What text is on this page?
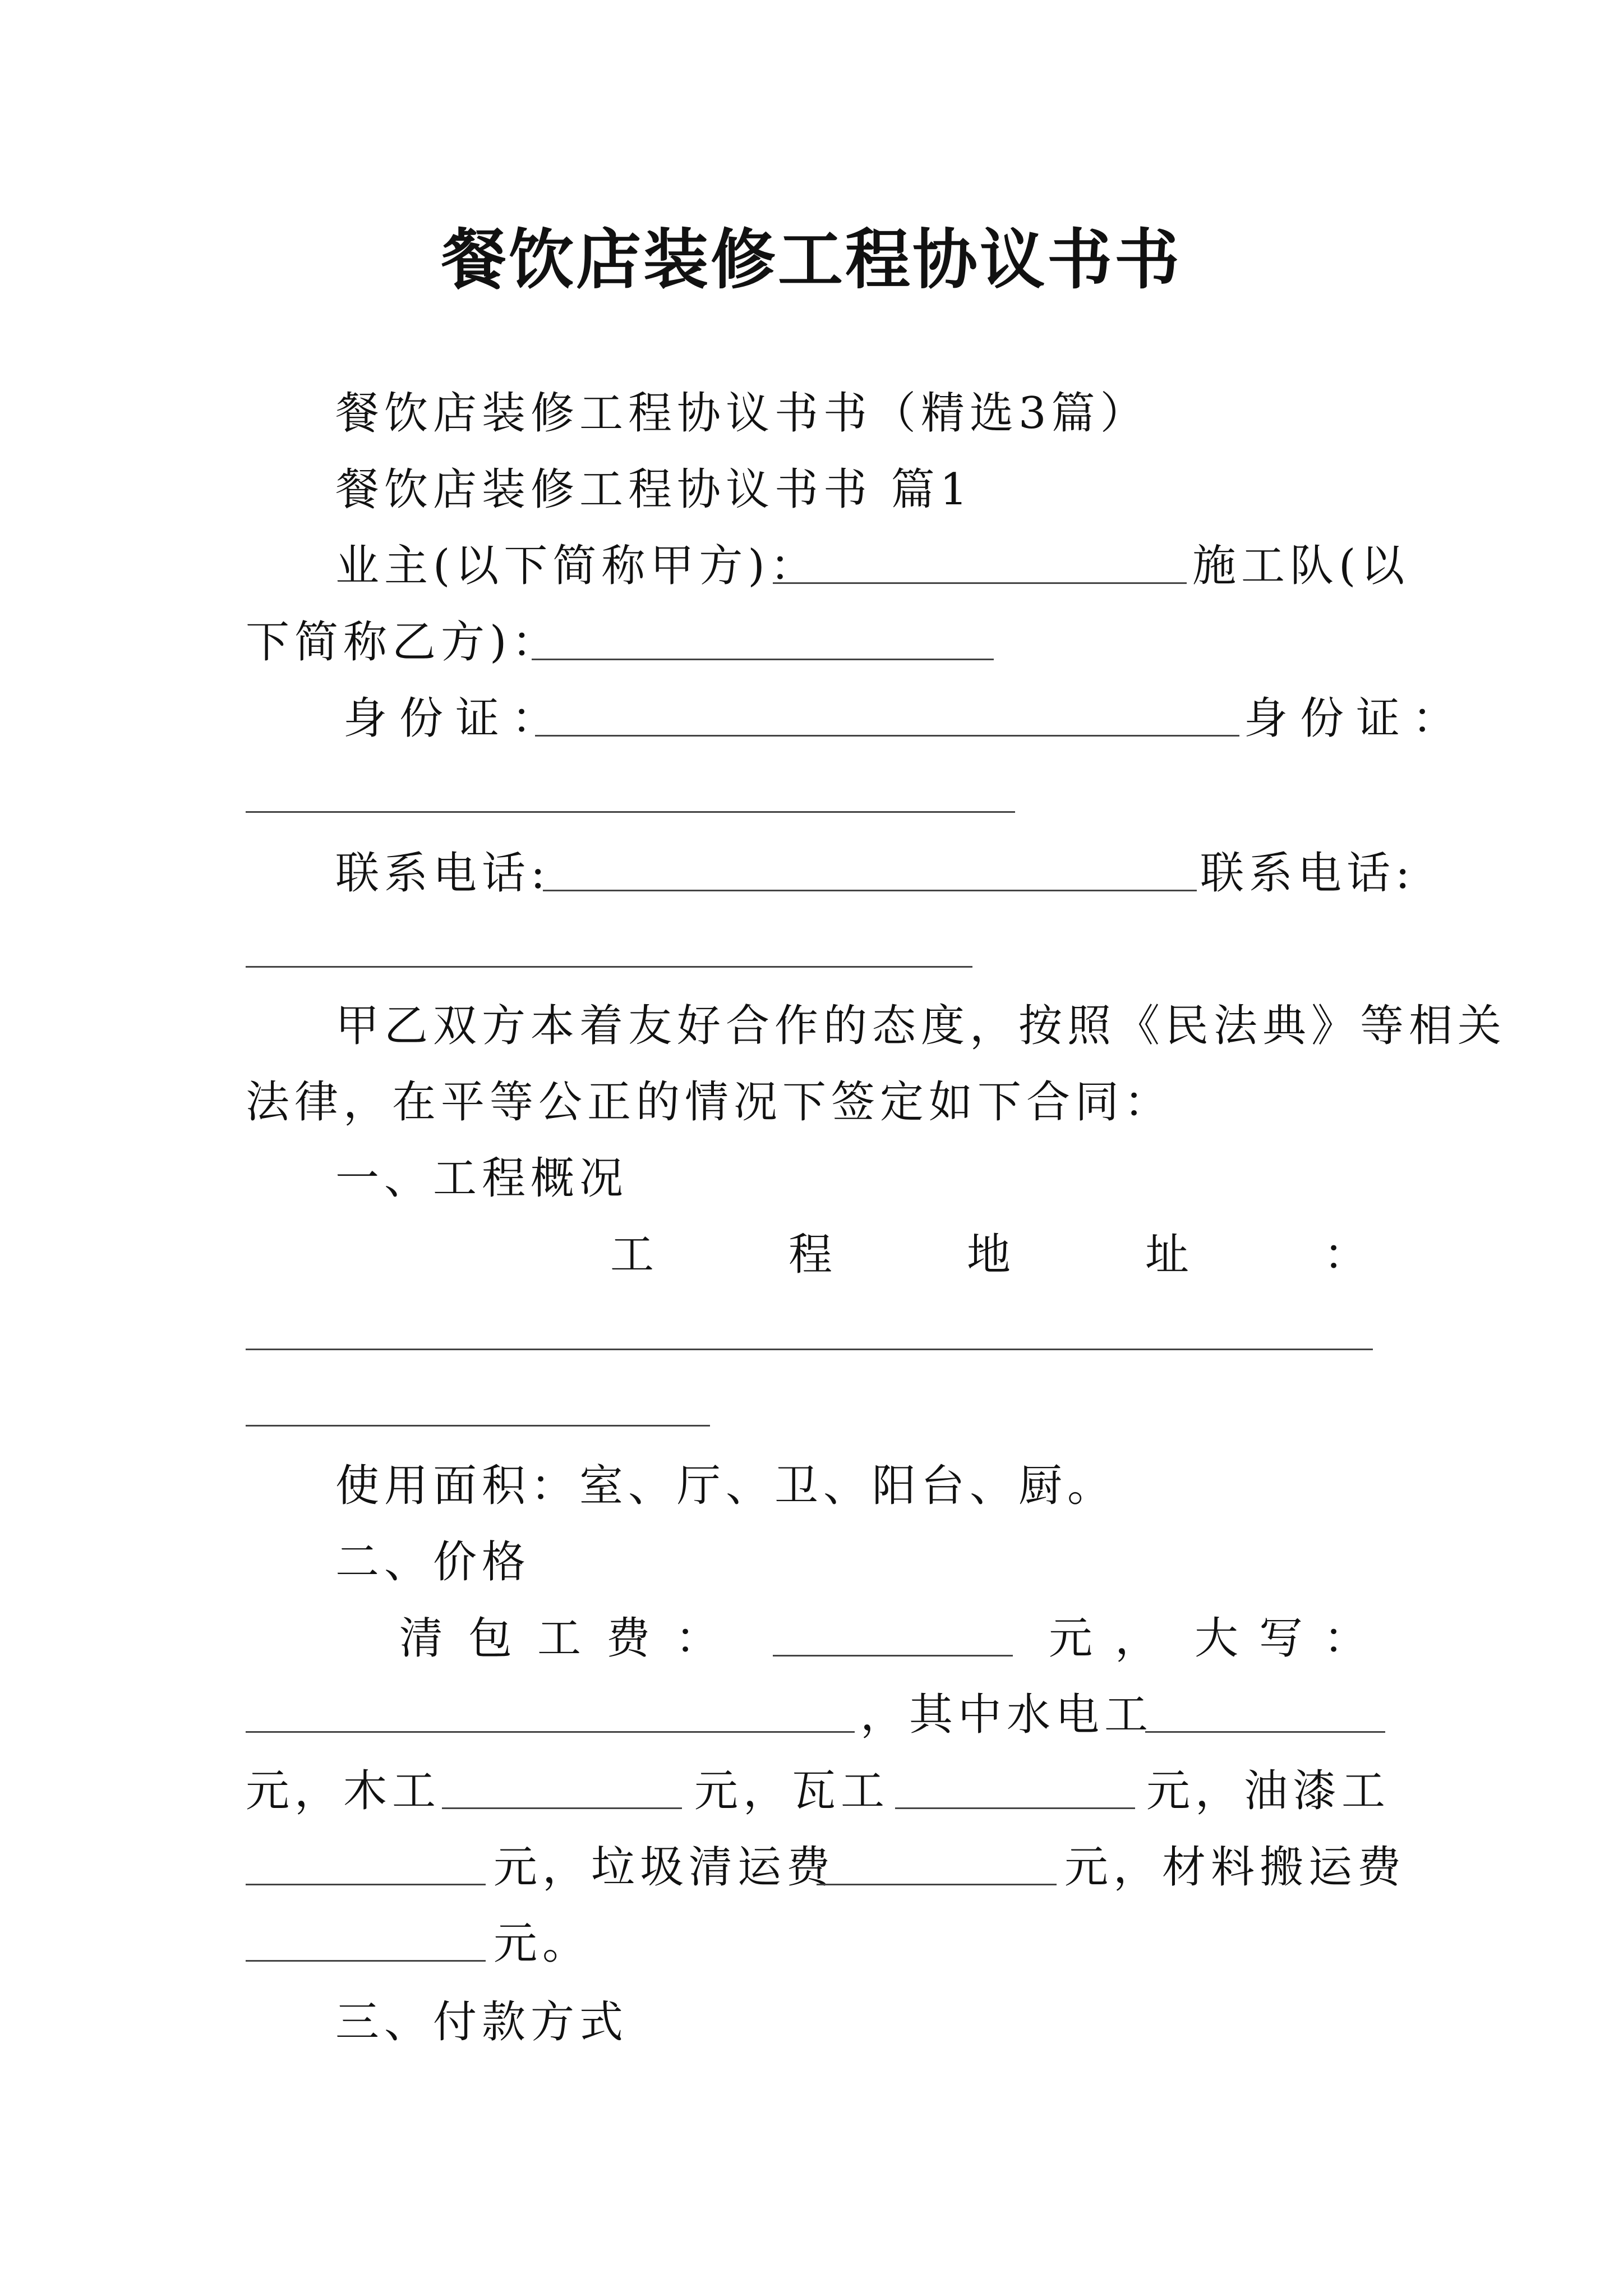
餐饮店装修工程协议书书
餐饮店装修工程协议书书（精选3篇）
餐饮店装修工程协议书书 篇1
业主(以下简称甲方)：	施工队(以
下简称乙方)：
身份证：	身份证：
联系电话:	联系电话:
甲乙双方本着友好合作的态度，按照《民法典》等相关
法律，在平等公正的情况下签定如下合同：
一、工程概况
工	程	地	址	：
使用面积：室、厅、卫、阳台、厨。
二、价格
清 包 工 费 ：	元， 大 写 ：
，其中水电工
元，木工	元，瓦工	元，油漆工
元，垃圾清运费	元，材料搬运费
元。
三、付款方式
